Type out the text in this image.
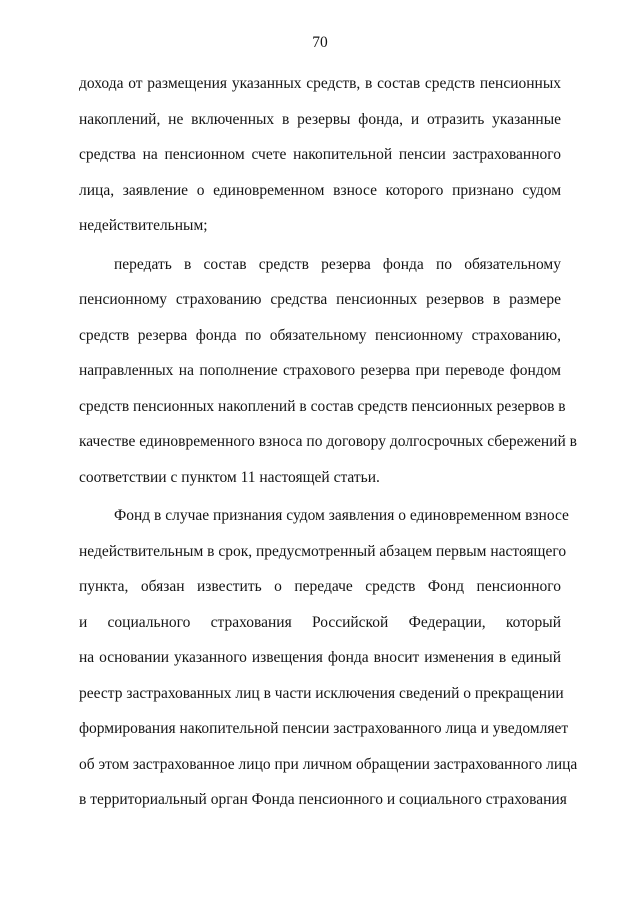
70
дохода от размещения указанных средств, в состав средств пенсионных
накоплений, не включенных в резервы фонда, и отразить указанные
средства на пенсионном счете накопительной пенсии застрахованного
лица, заявление о единовременном взносе которого признано судом
недействительным;
передать в состав средств резерва фонда по обязательному
пенсионному страхованию средства пенсионных резервов в размере
средств резерва фонда по обязательному пенсионному страхованию,
направленных на пополнение страхового резерва при переводе фондом
средств пенсионных накоплений в состав средств пенсионных резервов в
качестве единовременного взноса по договору долгосрочных сбережений в
соответствии с пунктом 11 настоящей статьи.
Фонд в случае признания судом заявления о единовременном взносе
недействительным в срок, предусмотренный абзацем первым настоящего
пункта, обязан известить о передаче средств Фонд пенсионного
и социального страхования Российской Федерации, который
на основании указанного извещения фонда вносит изменения в единый
реестр застрахованных лиц в части исключения сведений о прекращении
формирования накопительной пенсии застрахованного лица и уведомляет
об этом застрахованное лицо при личном обращении застрахованного лица
в территориальный орган Фонда пенсионного и социального страхования
